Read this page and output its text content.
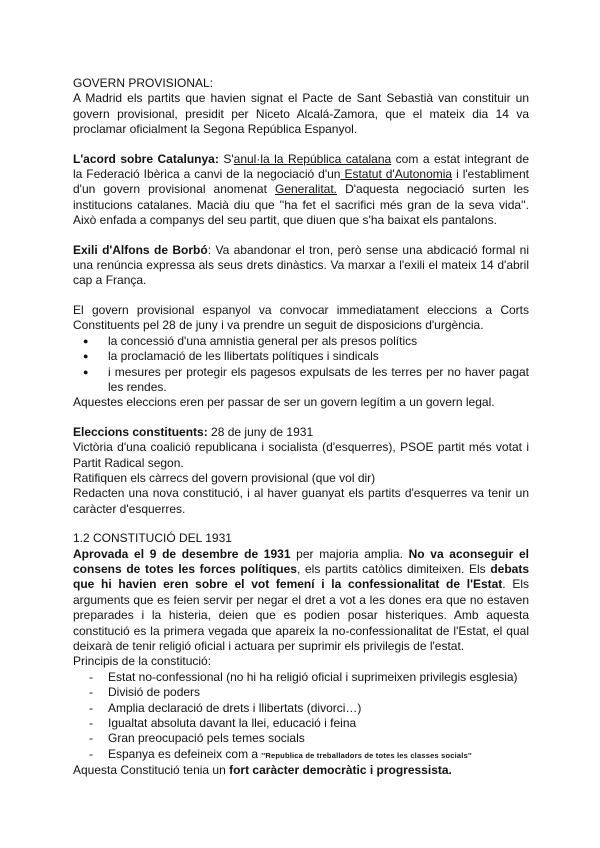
GOVERN PROVISIONAL:

A Madrid els partits que havien signat el Pacte de Sant Sebastià van constituir un govern provisional, presidit per Niceto Alcalá-Zamora, que el mateix dia 14 va proclamar oficialment la Segona República Espanyol.

L'acord sobre Catalunya: S'anul·la la República catalana com a estat integrant de la Federació Ibèrica a canvi de la negociació d'un Estatut d'Autonomia i l'establiment d'un govern provisional anomenat Generalitat. D'aquesta negociació surten les institucions catalanes. Macià diu que ''ha fet el sacrifici més gran de la seva vida''. Això enfada a companys del seu partit, que diuen que s'ha baixat els pantalons.

Exili d'Alfons de Borbó: Va abandonar el tron, però sense una abdicació formal ni una renúncia expressa als seus drets dinàstics. Va marxar a l'exili el mateix 14 d'abril cap a França.

El govern provisional espanyol va convocar immediatament eleccions a Corts Constituents pel 28 de juny i va prendre un seguit de disposicions d'urgència.

● la concessió d'una amnistia general per als presos polítics
● la proclamació de les llibertats polítiques i sindicals
● i mesures per protegir els pagesos expulsats de les terres per no haver pagat les rendes.

Aquestes eleccions eren per passar de ser un govern legítim a un govern legal.

Eleccions constituents: 28 de juny de 1931

Victòria d'una coalició republicana i socialista (d'esquerres), PSOE partit més votat i Partit Radical segon.

Ratifiquen els càrrecs del govern provisional (que vol dir)

Redacten una nova constitució, i al haver guanyat els partits d'esquerres va tenir un caràcter d'esquerres.

1.2 CONSTITUCIÓ DEL 1931

Aprovada el 9 de desembre de 1931 per majoria amplia. No va aconseguir el consens de totes les forces polítiques, els partits catòlics dimiteixen. Els debats que hi havien eren sobre el vot femení i la confessionalitat de l'Estat. Els arguments que es feien servir per negar el dret a vot a les dones era que no estaven preparades i la histeria, deien que es podien posar histeriques. Amb aquesta constitució es la primera vegada que apareix la no-confessionalitat de l'Estat, el qual deixarà de tenir religió oficial i actuara per suprimir els privilegis de l'estat.

Principis de la constitució:

- Estat no-confessional (no hi ha religió oficial i suprimeixen privilegis esglesia)
- Divisió de poders
- Amplia declaració de drets i llibertats (divorci…)
- Igualtat absoluta davant la llei, educació i feina
- Gran preocupació pels temes socials
- Espanya es defeineix com a ''Republica de treballadors de totes les classes socials''

Aquesta Constitució tenia un fort caràcter democràtic i progressista.
